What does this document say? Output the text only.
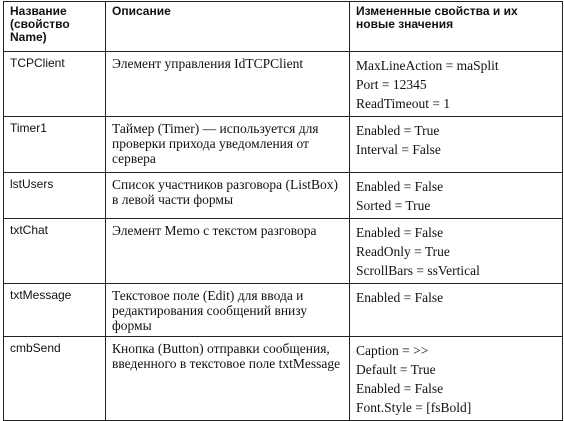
Название (свойство Name)	Описание	Измененные свойства и их новые значения
TCPClient	Элемент управления IdTCPClient	MaxLineAction = maSplit
Port = 12345
ReadTimeout = 1

Timer1	Таймер (Timer) — используется для проверки прихода уведомления от сервера	Enabled = True
Interval = False

lstUsers	Список участников разговора (ListBox) в левой части формы	Enabled = False
Sorted = True

txtChat	Элемент Memo с текстом разговора	Enabled = False
ReadOnly = True
ScrollBars = ssVertical

txtMessage	Текстовое поле (Edit) для ввода и редактирования сообщений внизу формы	Enabled = False

cmbSend	Кнопка (Button) отправки сообщения, введенного в текстовое поле txtMessage	Caption = >>
Default = True
Enabled = False
Font.Style = [fsBold]
